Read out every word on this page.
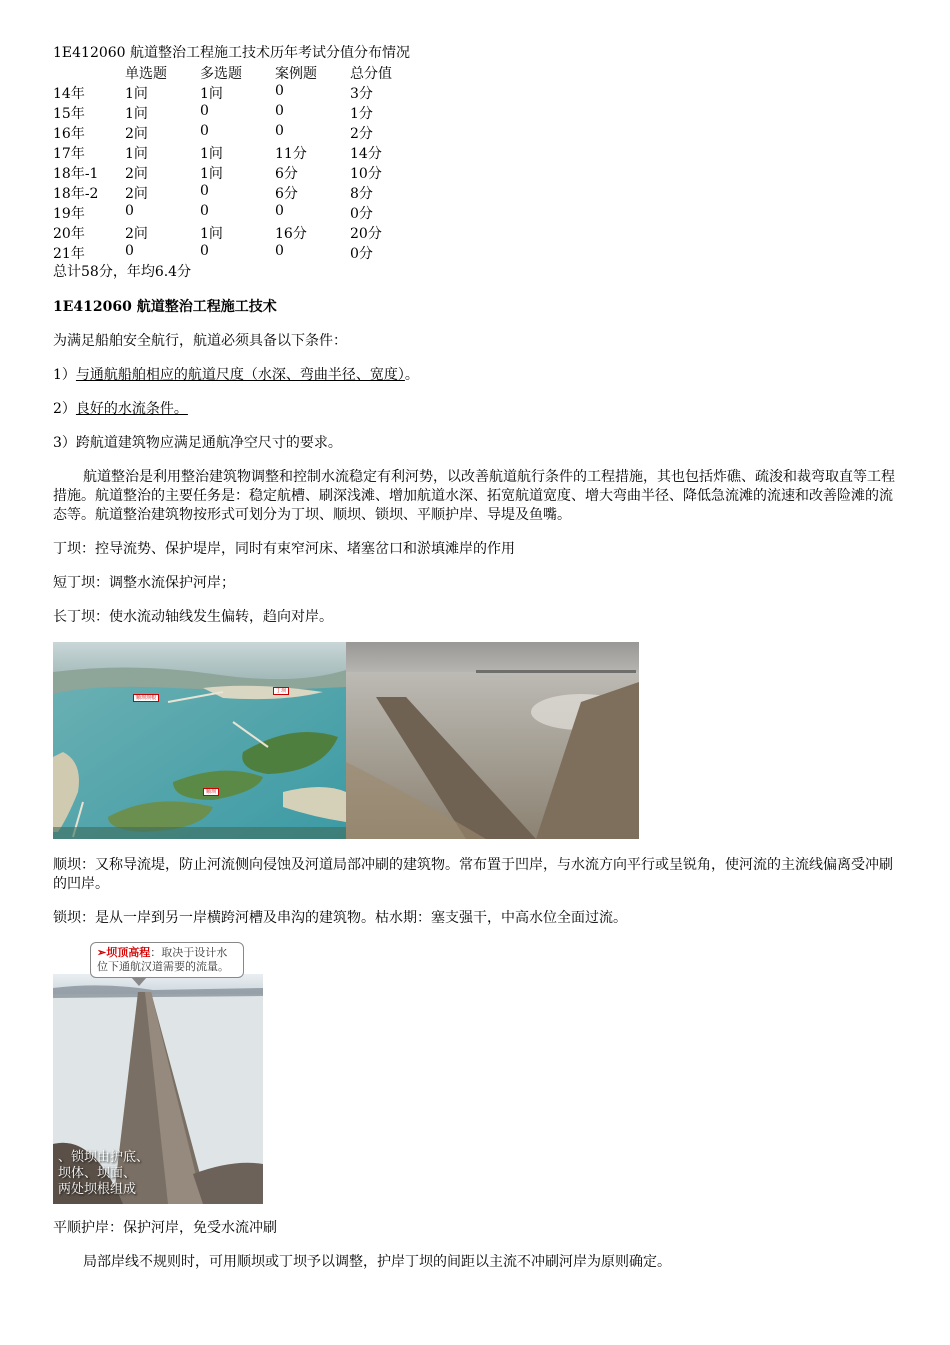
1E412060 航道整治工程施工技术历年考试分值分布情况
	单选题	多选题	案例题	总分值
14年	1问	1问	0	3分
15年	1问	0	0	1分
16年	2问	0	0	2分
17年	1问	1问	11分	14分
18年-1	2问	1问	6分	10分
18年-2	2问	0	6分	8分
19年	0	0	0	0分
20年	2问	1问	16分	20分
21年	0	0	0	0分
总计58分，年均6.4分

1E412060 航道整治工程施工技术

为满足船舶安全航行，航道必须具备以下条件：

1）与通航船舶相应的航道尺度（水深、弯曲半径、宽度）。

2）良好的水流条件。

3）跨航道建筑物应满足通航净空尺寸的要求。

航道整治是利用整治建筑物调整和控制水流稳定有利河势，以改善航道航行条件的工程措施，其也包括炸礁、疏浚和裁弯取直等工程措施。航道整治的主要任务是：稳定航槽、刷深浅滩、增加航道水深、拓宽航道宽度、增大弯曲半径、降低急流滩的流速和改善险滩的流态等。航道整治建筑物按形式可划分为丁坝、顺坝、锁坝、平顺护岸、导堤及鱼嘴。

丁坝：控导流势、保护堤岸，同时有束窄河床、堵塞岔口和淤填滩岸的作用

短丁坝：调整水流保护河岸；

长丁坝：使水流动轴线发生偏转，趋向对岸。

顺坝坝根
丁坝
顺坝

顺坝：又称导流堤，防止河流侧向侵蚀及河道局部冲刷的建筑物。常布置于凹岸，与水流方向平行或呈锐角，使河流的主流线偏离受冲刷的凹岸。

锁坝：是从一岸到另一岸横跨河槽及串沟的建筑物。枯水期：塞支强干，中高水位全面过流。

➢坝顶高程：取决于设计水位下通航汉道需要的流量。
、锁坝由护底、
坝体、坝面、
两处坝根组成

平顺护岸：保护河岸，免受水流冲刷

局部岸线不规则时，可用顺坝或丁坝予以调整，护岸丁坝的间距以主流不冲刷河岸为原则确定。
